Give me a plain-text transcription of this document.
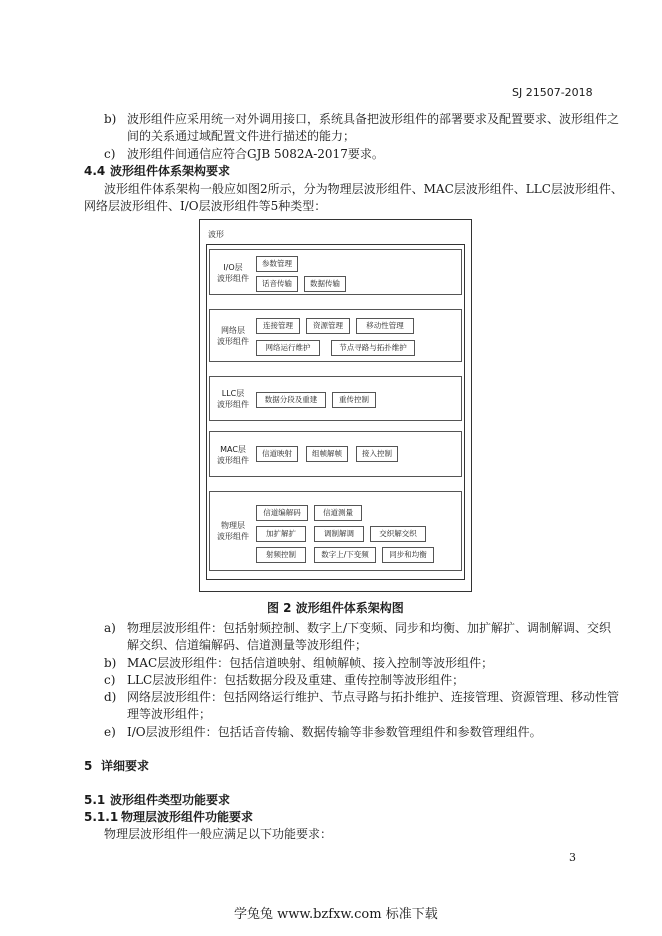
SJ 21507-2018
b) 波形组件应采用统一对外调用接口，系统具备把波形组件的部署要求及配置要求、波形组件之
间的关系通过域配置文件进行描述的能力；
c) 波形组件间通信应符合GJB 5082A-2017要求。
4.4 波形组件体系架构要求
波形组件体系架构一般应如图2所示，分为物理层波形组件、MAC层波形组件、LLC层波形组件、
网络层波形组件、I/O层波形组件等5种类型：
波形
I/O层
波形组件
参数管理
话音传输	数据传输
网络层
波形组件
连接管理	资源管理	移动性管理
网络运行维护	节点寻路与拓扑维护
LLC层
波形组件
数据分段及重建	重传控制
MAC层
波形组件
信道映射	组帧解帧	接入控制
物理层
波形组件
信道编解码	信道测量
加扩解扩	调制解调	交织解交织
射频控制	数字上/下变频	同步和均衡
图 2 波形组件体系架构图
a) 物理层波形组件：包括射频控制、数字上/下变频、同步和均衡、加扩解扩、调制解调、交织
解交织、信道编解码、信道测量等波形组件；
b) MAC层波形组件：包括信道映射、组帧解帧、接入控制等波形组件；
c) LLC层波形组件：包括数据分段及重建、重传控制等波形组件；
d) 网络层波形组件：包括网络运行维护、节点寻路与拓扑维护、连接管理、资源管理、移动性管
理等波形组件；
e) I/O层波形组件：包括话音传输、数据传输等非参数管理组件和参数管理组件。
5 详细要求
5.1 波形组件类型功能要求
5.1.1 物理层波形组件功能要求
物理层波形组件一般应满足以下功能要求：
3
学兔兔 www.bzfxw.com 标准下载
